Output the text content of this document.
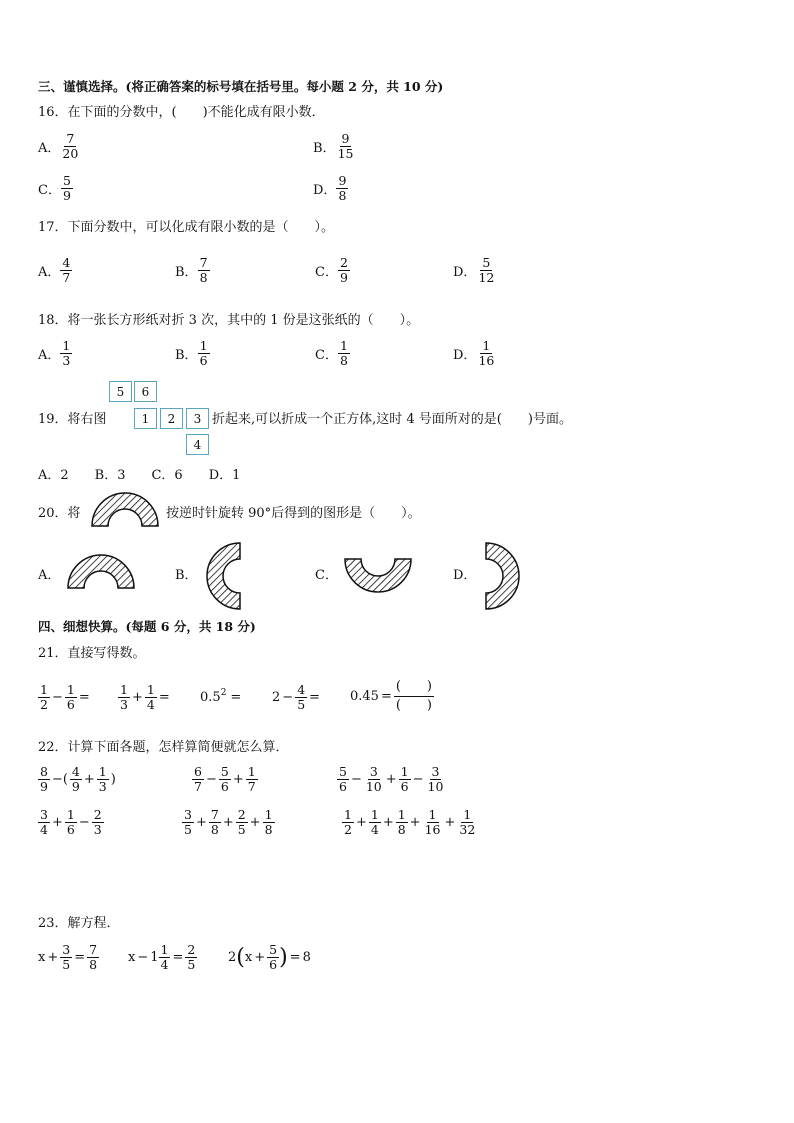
三、谨慎选择。(将正确答案的标号填在括号里。每小题 2 分，共 10 分)
16．在下面的分数中，(　　)不能化成有限小数．
A． $\frac{7}{20}$	B． $\frac{9}{15}$
C． $\frac{5}{9}$	D． $\frac{9}{8}$
17．下面分数中，可以化成有限小数的是（　　）。
A． $\frac{4}{7}$	B． $\frac{7}{8}$	C． $\frac{2}{9}$	D． $\frac{5}{12}$
18．将一张长方形纸对折 3 次，其中的 1 份是这张纸的（　　）。
A． $\frac{1}{3}$	B． $\frac{1}{6}$	C． $\frac{1}{8}$	D． $\frac{1}{16}$
19．将右图
5	6
1	2	3
4
折起来,可以折成一个正方体,这时 4 号面所对的是(　　)号面。
A．2　　B．3　　C．6　　D．1
20．将	按逆时针旋转 90°后得到的图形是（　　）。
A．	B．	C．	D．
四、细想快算。(每题 6 分，共 18 分)
21．直接写得数。
$\frac{1}{2} - \frac{1}{6} = \frac{1}{3} + \frac{1}{4} = 0.5^2 = 2 - \frac{4}{5} = 0.45$ =
(　　)
(　　)
22．计算下面各题，怎样算简便就怎么算．
$\frac{8}{9}$ −( $\frac{4}{9} + \frac{1}{3}$ )	$\frac{6}{7} - \frac{5}{6} + \frac{1}{7}$	$\frac{5}{6} - \frac{3}{10} + \frac{1}{6} - \frac{3}{10}$
$\frac{3}{4} + \frac{1}{6} - \frac{2}{3}$	$\frac{3}{5} + \frac{7}{8} + \frac{2}{5} + \frac{1}{8}$	$\frac{1}{2} + \frac{1}{4} + \frac{1}{8} + \frac{1}{16} + \frac{1}{32}$
23．解方程．
$x + \frac{3}{5} = \frac{7}{8}$ $x - 1 \frac{1}{4} = \frac{2}{5} 2$ ( $x + \frac{5}{6}$ ) = 8
